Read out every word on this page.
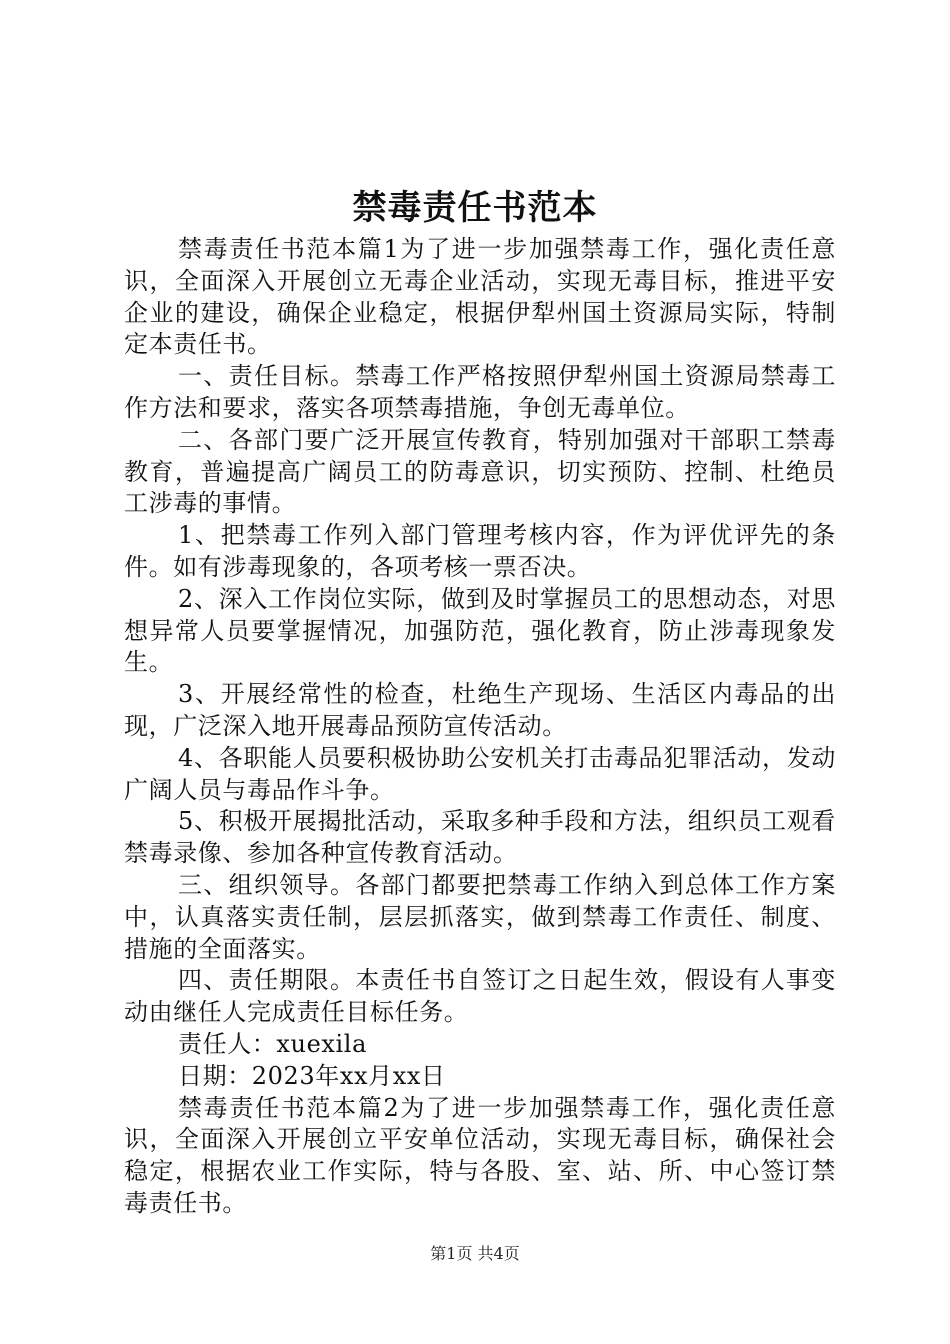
禁毒责任书范本

禁毒责任书范本篇1为了进一步加强禁毒工作，强化责任意识，全面深入开展创立无毒企业活动，实现无毒目标，推进平安企业的建设，确保企业稳定，根据伊犁州国土资源局实际，特制定本责任书。

一、责任目标。禁毒工作严格按照伊犁州国土资源局禁毒工作方法和要求，落实各项禁毒措施，争创无毒单位。

二、各部门要广泛开展宣传教育，特别加强对干部职工禁毒教育，普遍提高广阔员工的防毒意识，切实预防、控制、杜绝员工涉毒的事情。

1、把禁毒工作列入部门管理考核内容，作为评优评先的条件。如有涉毒现象的，各项考核一票否决。

2、深入工作岗位实际，做到及时掌握员工的思想动态，对思想异常人员要掌握情况，加强防范，强化教育，防止涉毒现象发生。

3、开展经常性的检查，杜绝生产现场、生活区内毒品的出现，广泛深入地开展毒品预防宣传活动。

4、各职能人员要积极协助公安机关打击毒品犯罪活动，发动广阔人员与毒品作斗争。

5、积极开展揭批活动，采取多种手段和方法，组织员工观看禁毒录像、参加各种宣传教育活动。

三、组织领导。各部门都要把禁毒工作纳入到总体工作方案中，认真落实责任制，层层抓落实，做到禁毒工作责任、制度、措施的全面落实。

四、责任期限。本责任书自签订之日起生效，假设有人事变动由继任人完成责任目标任务。

责任人：xuexila

日期：2023年xx月xx日

禁毒责任书范本篇2为了进一步加强禁毒工作，强化责任意识，全面深入开展创立平安单位活动，实现无毒目标，确保社会稳定，根据农业工作实际，特与各股、室、站、所、中心签订禁毒责任书。

第1页 共4页
